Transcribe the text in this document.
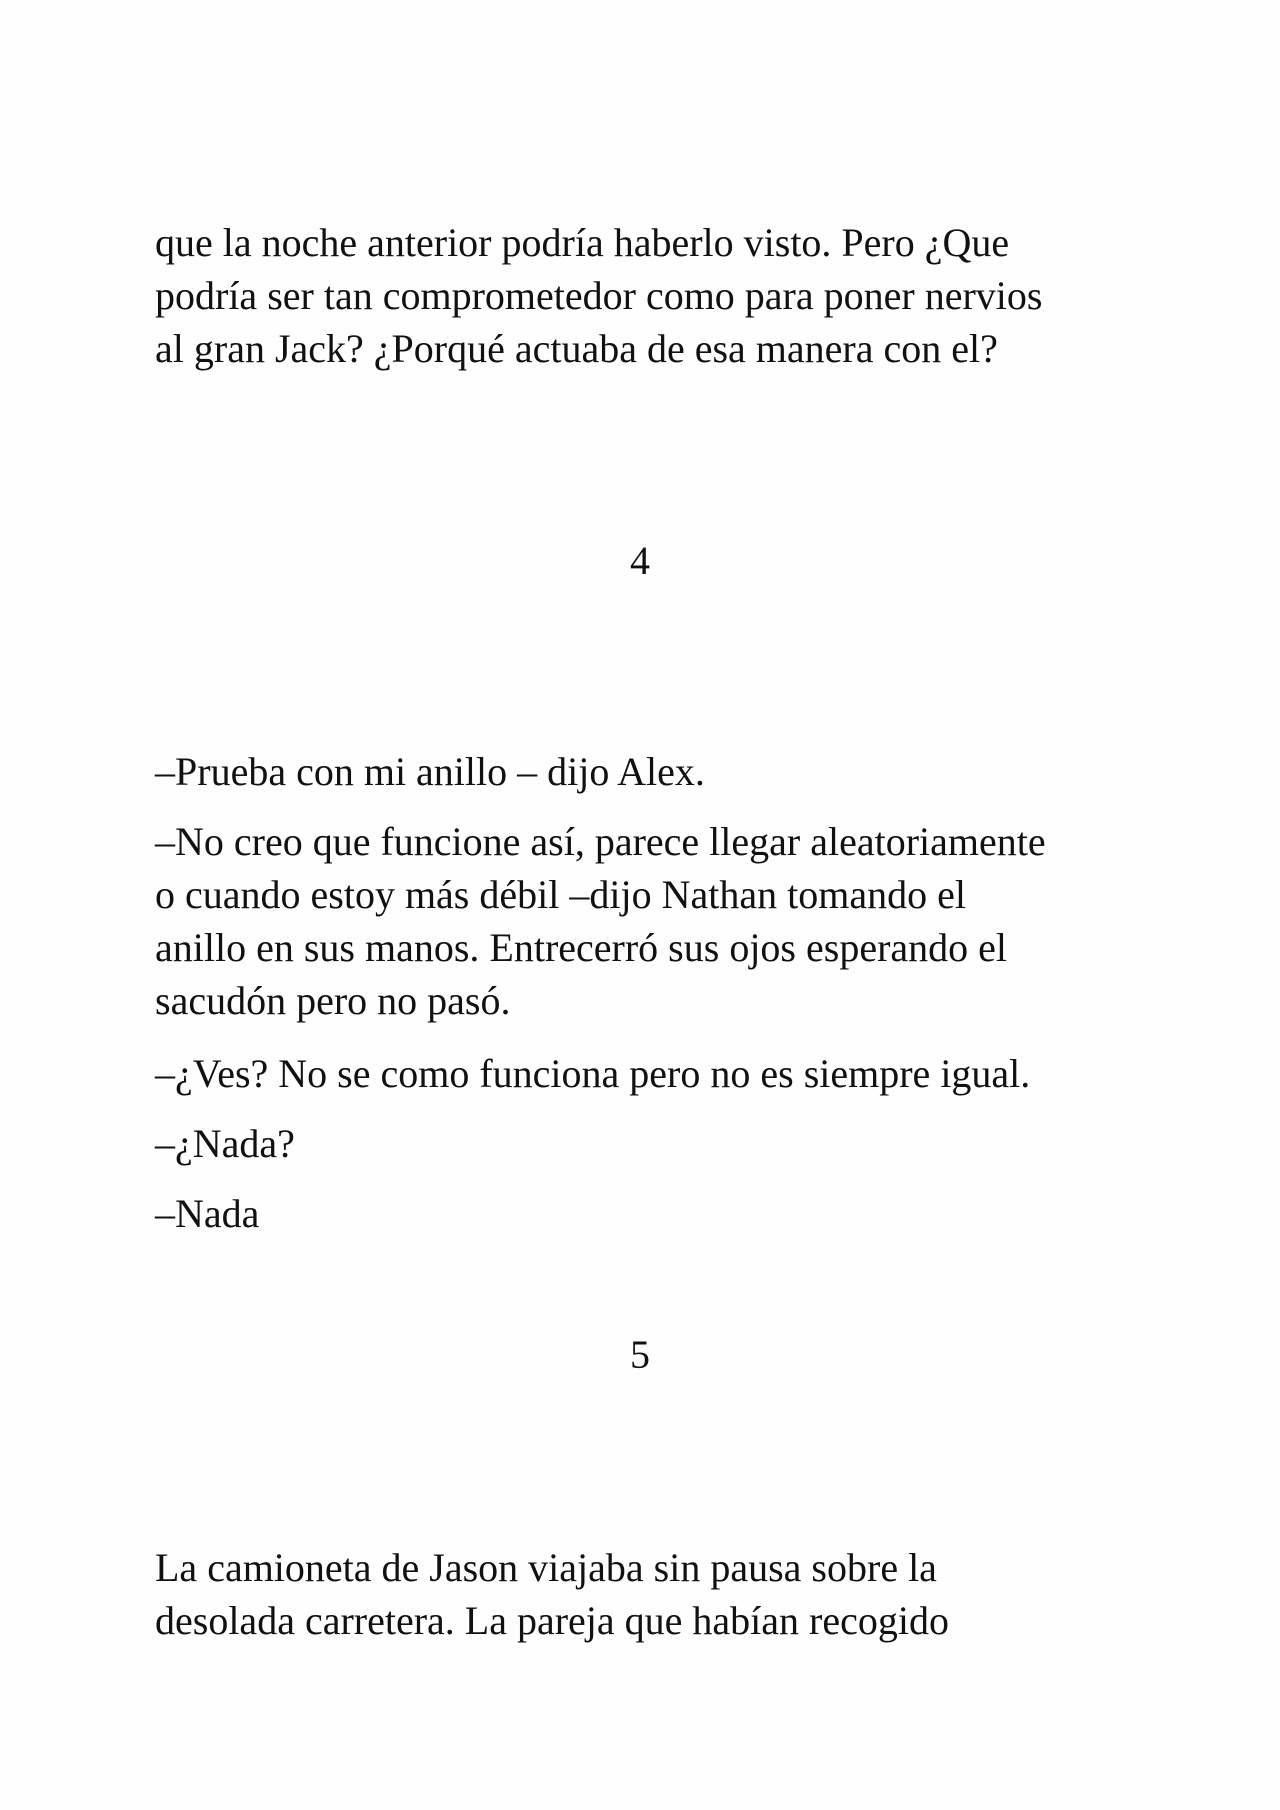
que la noche anterior podría haberlo visto. Pero ¿Que
podría ser tan comprometedor como para poner nervios
al gran Jack? ¿Porqué actuaba de esa manera con el?

4

–Prueba con mi anillo – dijo Alex.

–No creo que funcione así, parece llegar aleatoriamente
o cuando estoy más débil –dijo Nathan tomando el
anillo en sus manos. Entrecerró sus ojos esperando el
sacudón pero no pasó.

–¿Ves? No se como funciona pero no es siempre igual.

–¿Nada?

–Nada

5

La camioneta de Jason viajaba sin pausa sobre la
desolada carretera. La pareja que habían recogido
